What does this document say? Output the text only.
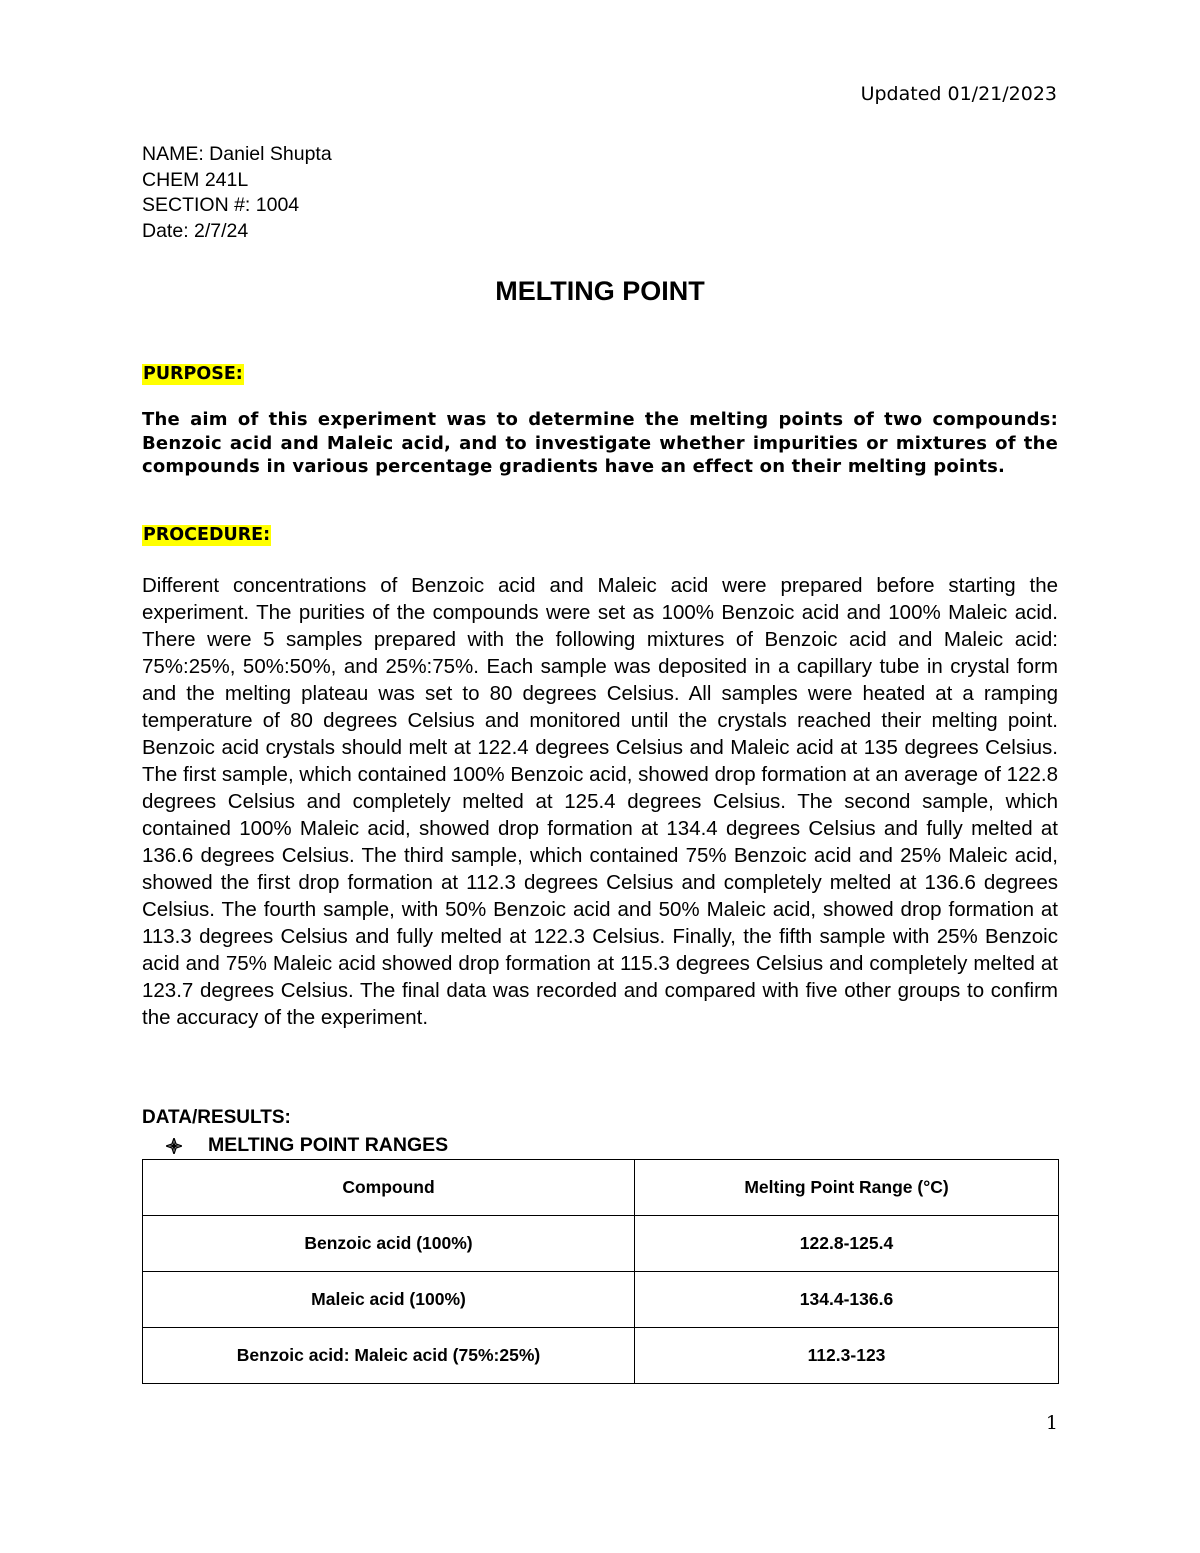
Updated 01/21/2023
NAME: Daniel Shupta
CHEM 241L
SECTION #: 1004
Date: 2/7/24
MELTING POINT
PURPOSE:
The aim of this experiment was to determine the melting points of two compounds: Benzoic acid and Maleic acid, and to investigate whether impurities or mixtures of the compounds in various percentage gradients have an effect on their melting points.
PROCEDURE:
Different concentrations of Benzoic acid and Maleic acid were prepared before starting the experiment. The purities of the compounds were set as 100% Benzoic acid and 100% Maleic acid. There were 5 samples prepared with the following mixtures of Benzoic acid and Maleic acid: 75%:25%, 50%:50%, and 25%:75%. Each sample was deposited in a capillary tube in crystal form and the melting plateau was set to 80 degrees Celsius. All samples were heated at a ramping temperature of 80 degrees Celsius and monitored until the crystals reached their melting point. Benzoic acid crystals should melt at 122.4 degrees Celsius and Maleic acid at 135 degrees Celsius. The first sample, which contained 100% Benzoic acid, showed drop formation at an average of 122.8 degrees Celsius and completely melted at 125.4 degrees Celsius. The second sample, which contained 100% Maleic acid, showed drop formation at 134.4 degrees Celsius and fully melted at 136.6 degrees Celsius. The third sample, which contained 75% Benzoic acid and 25% Maleic acid, showed the first drop formation at 112.3 degrees Celsius and completely melted at 136.6 degrees Celsius. The fourth sample, with 50% Benzoic acid and 50% Maleic acid, showed drop formation at 113.3 degrees Celsius and fully melted at 122.3 Celsius. Finally, the fifth sample with 25% Benzoic acid and 75% Maleic acid showed drop formation at 115.3 degrees Celsius and completely melted at 123.7 degrees Celsius. The final data was recorded and compared with five other groups to confirm the accuracy of the experiment.
DATA/RESULTS:
MELTING POINT RANGES
Compound	Melting Point Range (°C)
Benzoic acid (100%)	122.8-125.4
Maleic acid (100%)	134.4-136.6
Benzoic acid: Maleic acid (75%:25%)	112.3-123
1
